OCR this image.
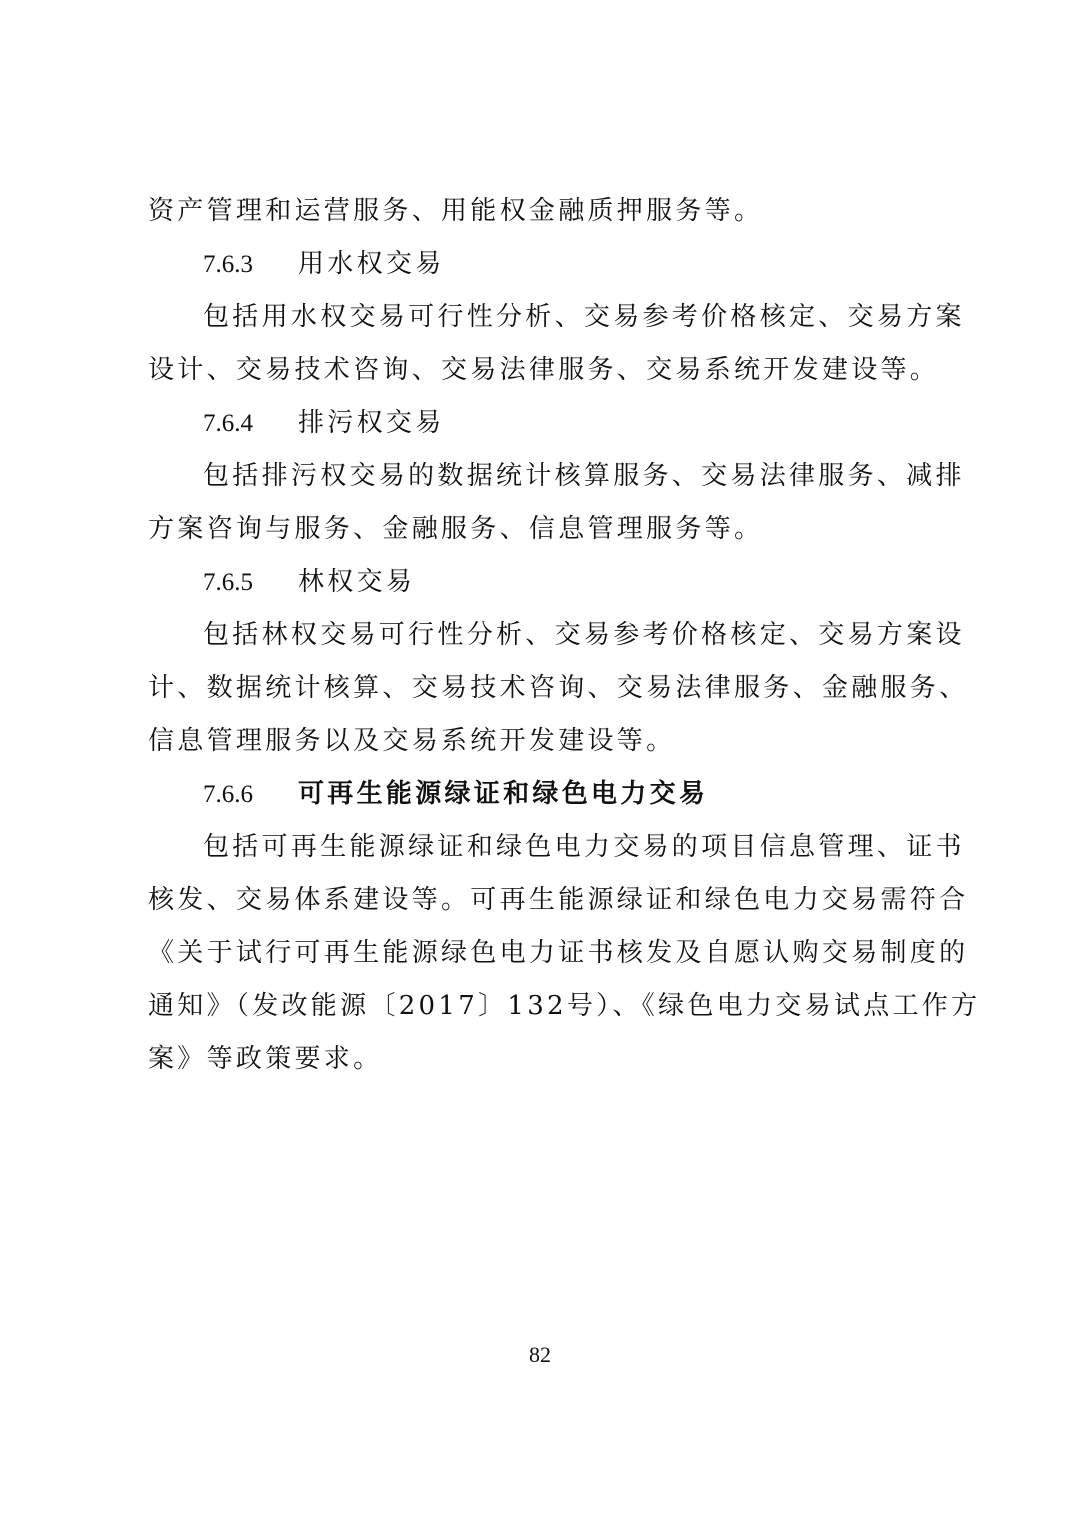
资产管理和运营服务、用能权金融质押服务等。
7.6.3 用水权交易
包括用水权交易可行性分析、交易参考价格核定、交易方案
设计、交易技术咨询、交易法律服务、交易系统开发建设等。
7.6.4 排污权交易
包括排污权交易的数据统计核算服务、交易法律服务、减排
方案咨询与服务、金融服务、信息管理服务等。
7.6.5 林权交易
包括林权交易可行性分析、交易参考价格核定、交易方案设
计、数据统计核算、交易技术咨询、交易法律服务、金融服务、
信息管理服务以及交易系统开发建设等。
7.6.6 可再生能源绿证和绿色电力交易
包括可再生能源绿证和绿色电力交易的项目信息管理、证书
核发、交易体系建设等。可再生能源绿证和绿色电力交易需符合
《关于试行可再生能源绿色电力证书核发及自愿认购交易制度的
通知》（发改能源〔2017〕132号）、《绿色电力交易试点工作方
案》等政策要求。
82
